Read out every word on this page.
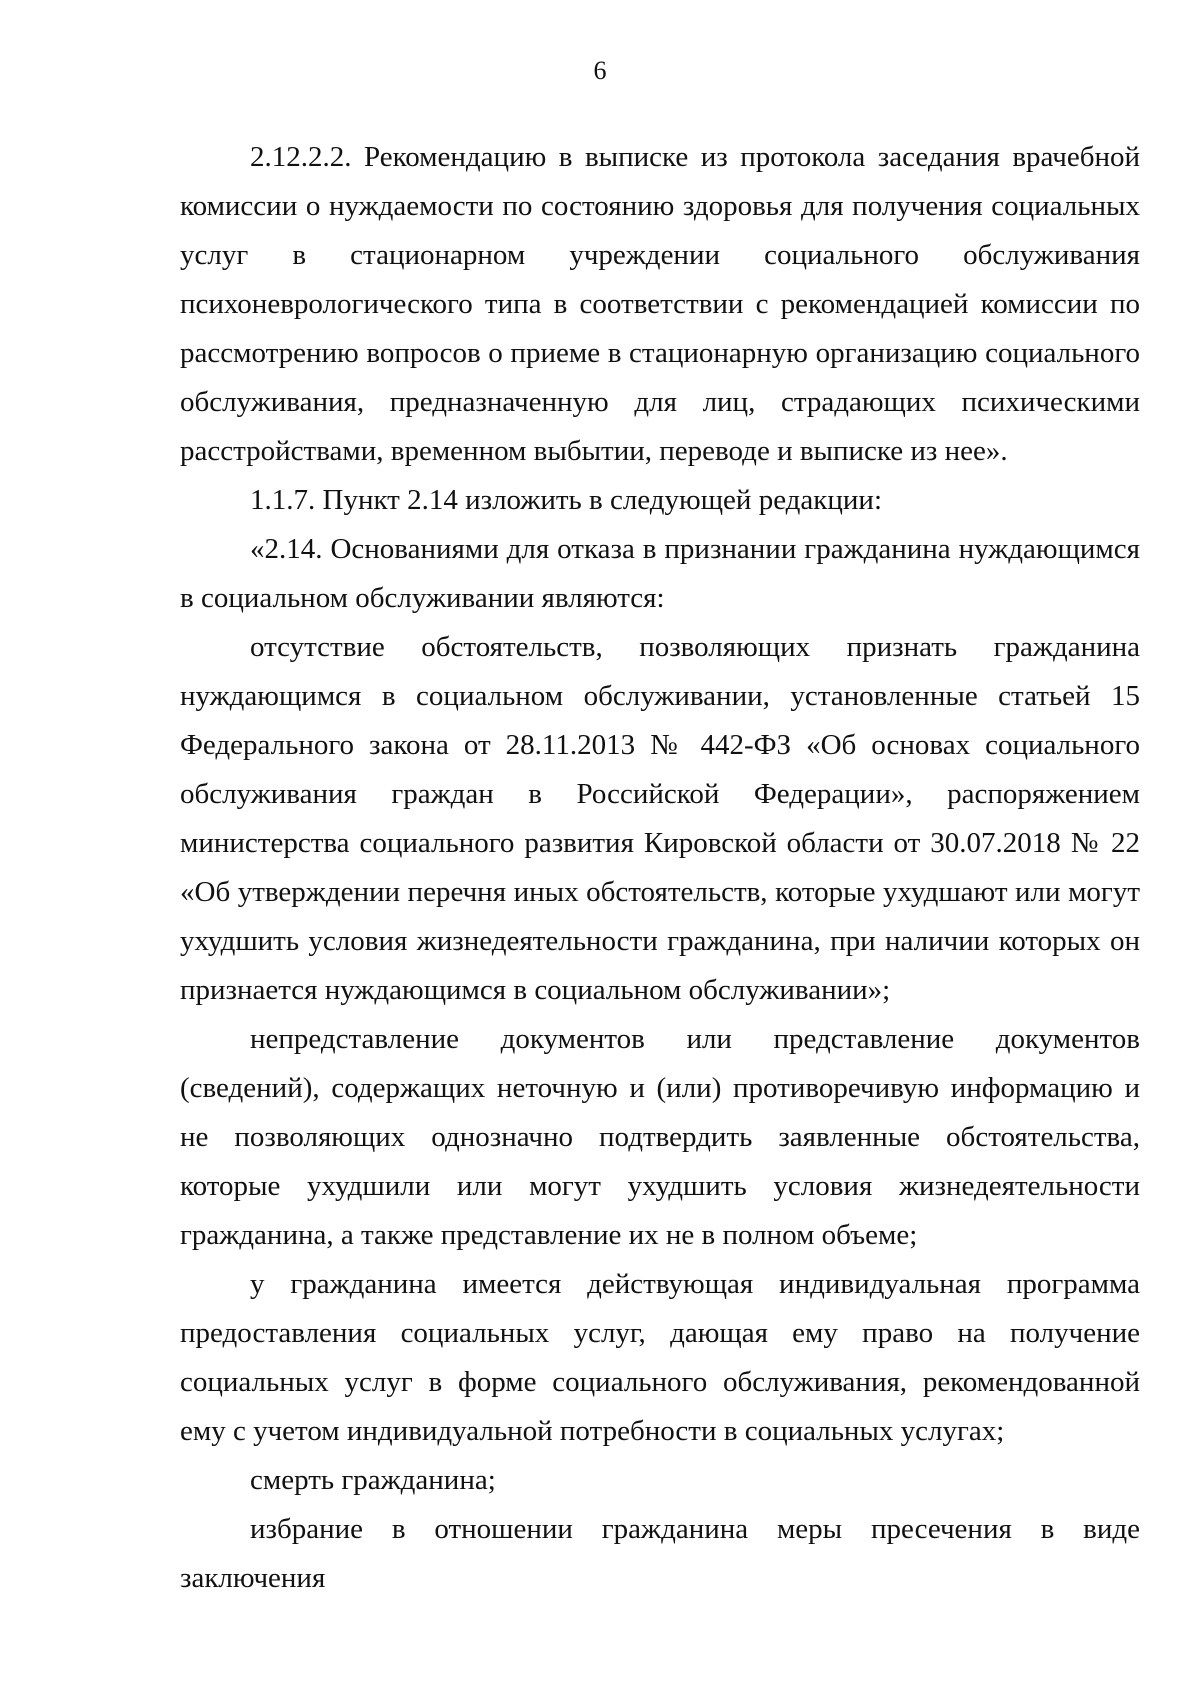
6

2.12.2.2. Рекомендацию в выписке из протокола заседания врачебной комиссии о нуждаемости по состоянию здоровья для получения социальных услуг в стационарном учреждении социального обслуживания психоневрологического типа в соответствии с рекомендацией комиссии по рассмотрению вопросов о приеме в стационарную организацию социального обслуживания, предназначенную для лиц, страдающих психическими расстройствами, временном выбытии, переводе и выписке из нее».

1.1.7. Пункт 2.14 изложить в следующей редакции:

«2.14. Основаниями для отказа в признании гражданина нуждающимся в социальном обслуживании являются:

отсутствие обстоятельств, позволяющих признать гражданина нуждающимся в социальном обслуживании, установленные статьей 15 Федерального закона от 28.11.2013 № 442-ФЗ «Об основах социального обслуживания граждан в Российской Федерации», распоряжением министерства социального развития Кировской области от 30.07.2018 № 22 «Об утверждении перечня иных обстоятельств, которые ухудшают или могут ухудшить условия жизнедеятельности гражданина, при наличии которых он признается нуждающимся в социальном обслуживании»;

непредставление документов или представление документов (сведений), содержащих неточную и (или) противоречивую информацию и не позволяющих однозначно подтвердить заявленные обстоятельства, которые ухудшили или могут ухудшить условия жизнедеятельности гражданина, а также представление их не в полном объеме;

у гражданина имеется действующая индивидуальная программа предоставления социальных услуг, дающая ему право на получение социальных услуг в форме социального обслуживания, рекомендованной ему с учетом индивидуальной потребности в социальных услугах;

смерть гражданина;

избрание в отношении гражданина меры пресечения в виде заключения
